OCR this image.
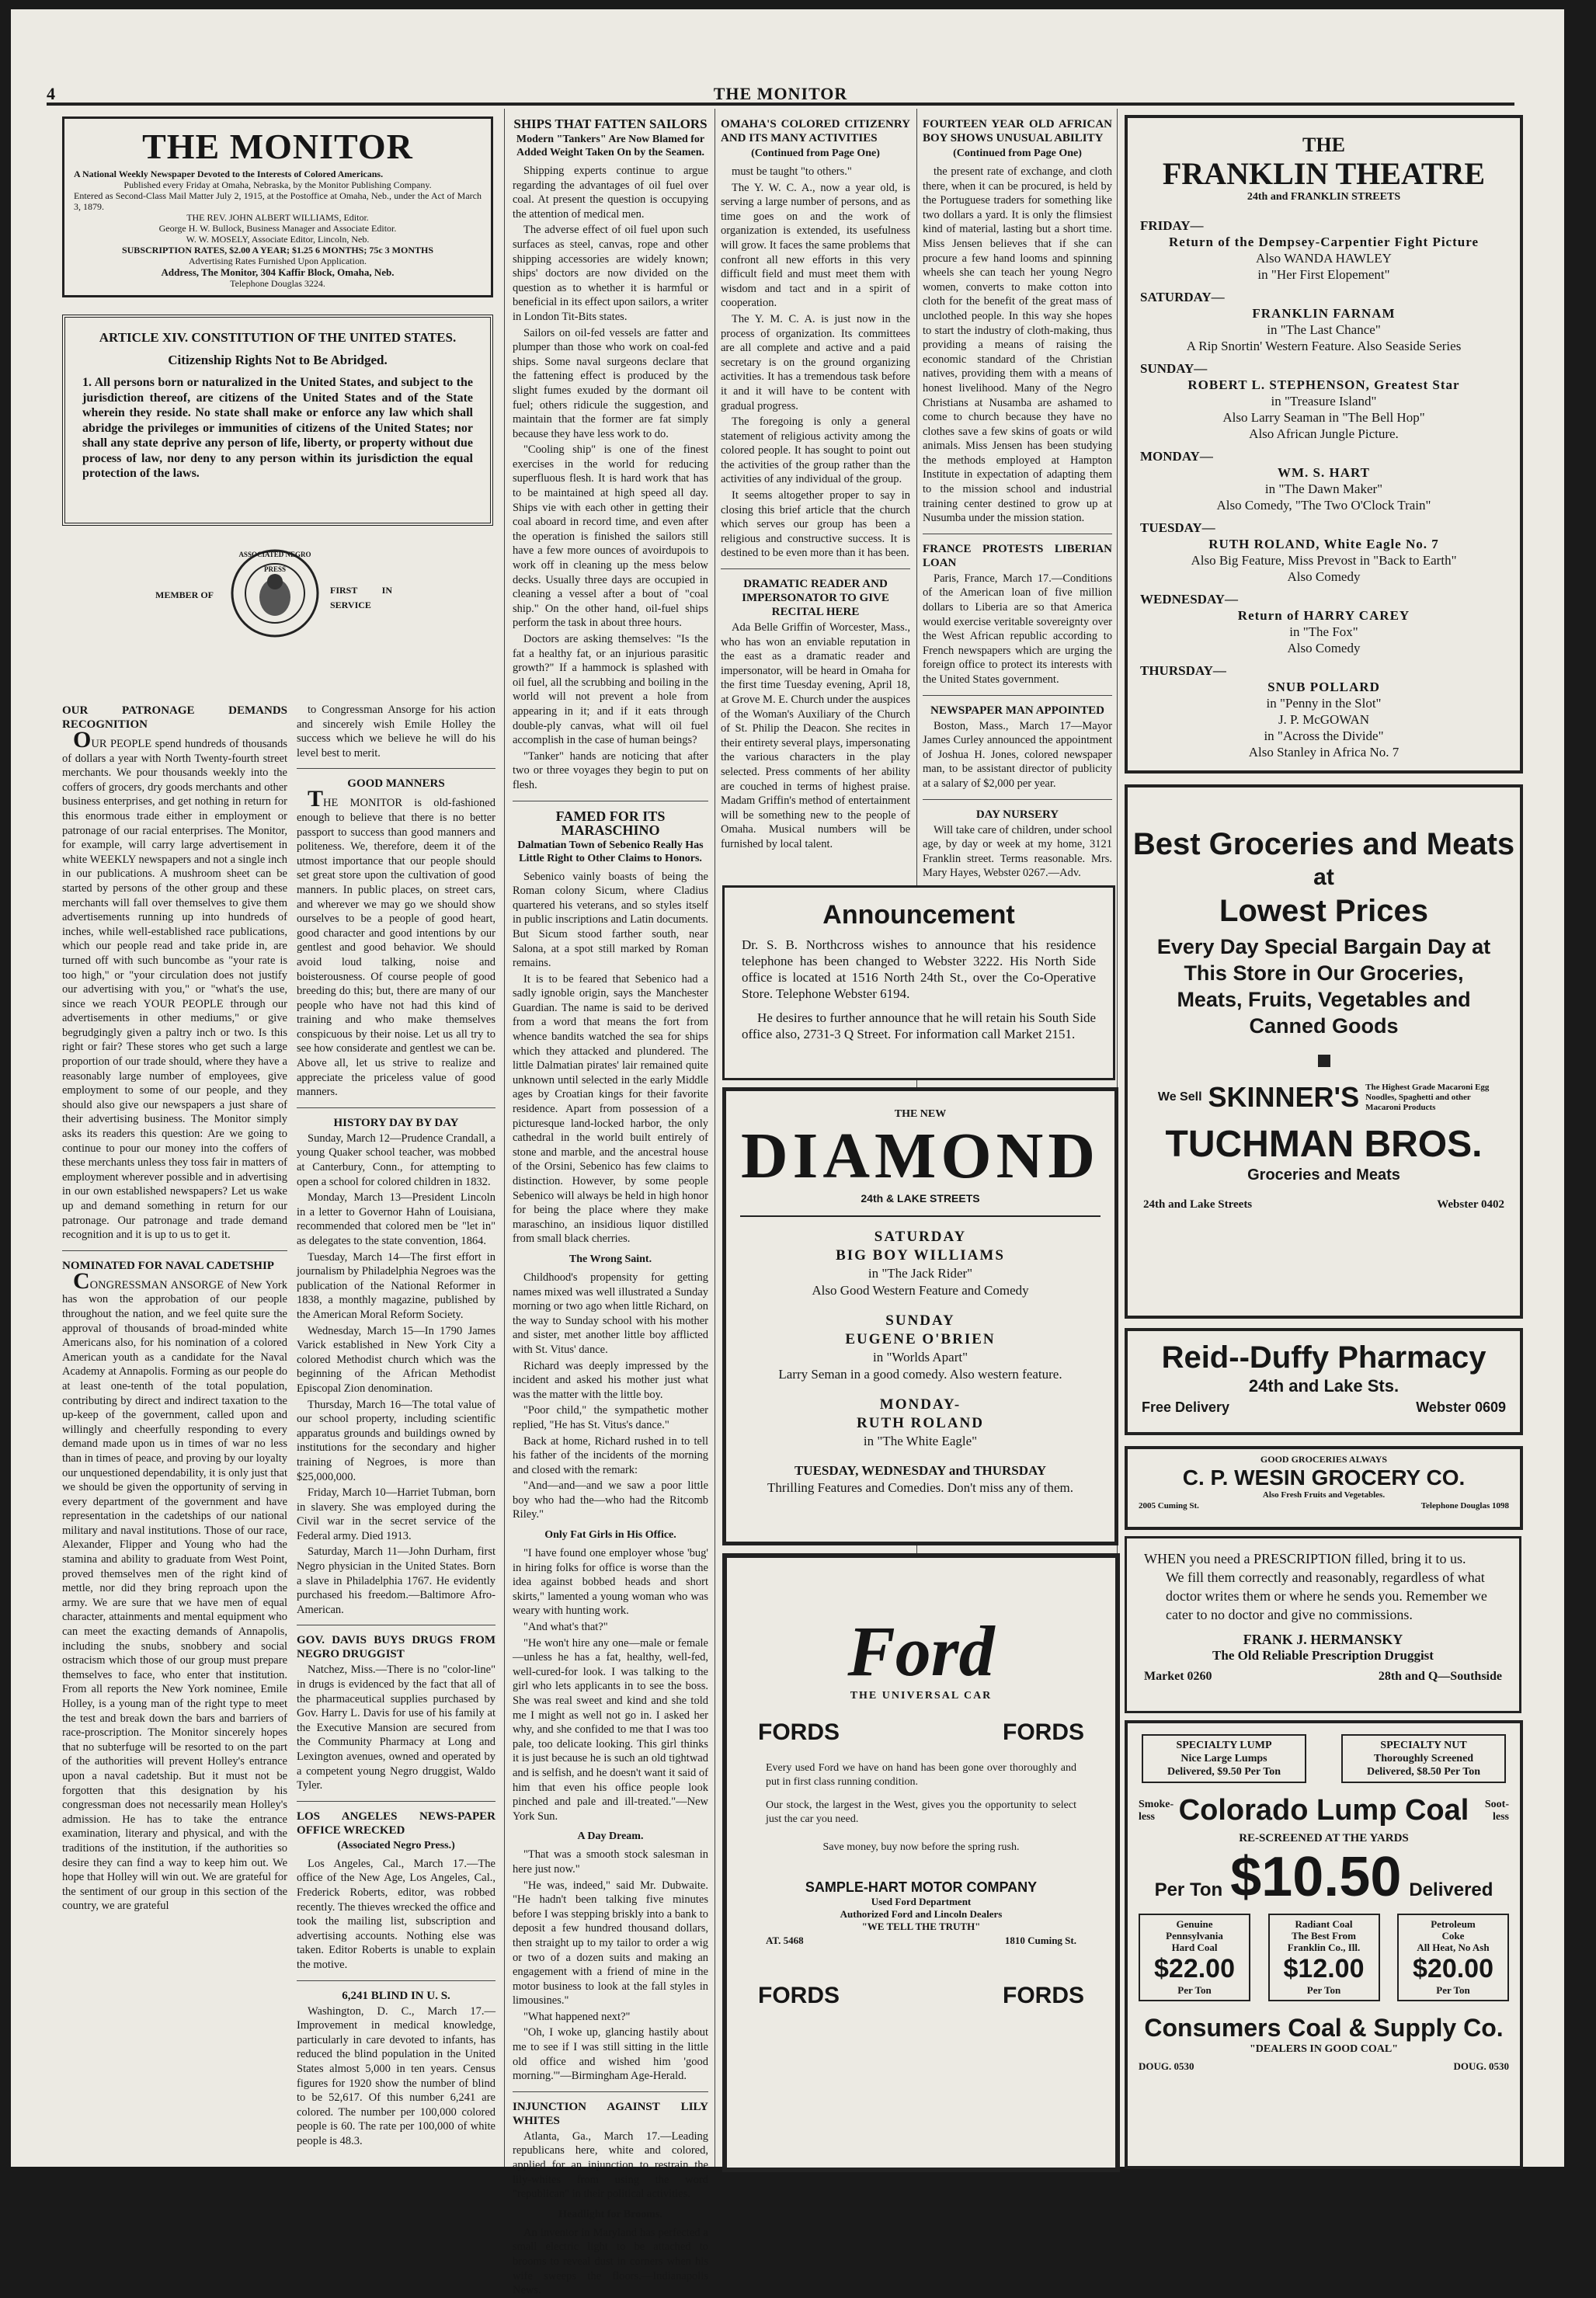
4	THE MONITOR
THE MONITOR
A National Weekly Newspaper Devoted to the Interests of Colored Americans.
Published every Friday at Omaha, Nebraska, by the Monitor Publishing Company.
Entered as Second-Class Mail Matter July 2, 1915, at the Postoffice at Omaha, Neb., under the Act of March 3, 1879.
THE REV. JOHN ALBERT WILLIAMS, Editor.
George H. W. Bullock, Business Manager and Associate Editor.
W. W. MOSELY, Associate Editor, Lincoln, Neb.
SUBSCRIPTION RATES, $2.00 A YEAR; $1.25 6 MONTHS; 75c 3 MONTHS
Advertising Rates Furnished Upon Application.
Address, The Monitor, 304 Kaffir Block, Omaha, Neb.
Telephone Douglas 3224.
ARTICLE XIV. CONSTITUTION OF THE UNITED STATES.
Citizenship Rights Not to Be Abridged.
1. All persons born or naturalized in the United States, and subject to the jurisdiction thereof, are citizens of the United States and of the State wherein they reside. No state shall make or enforce any law which shall abridge the privileges or immunities of citizens of the United States; nor shall any state deprive any person of life, liberty, or property without due process of law, nor deny to any person within its jurisdiction the equal protection of the laws.
MEMBER OF
ASSOCIATED NEGRO PRESS
FIRST IN SERVICE
OUR PATRONAGE DEMANDS RECOGNITION

OUR PEOPLE spend hundreds of thousands of dollars a year with North Twenty-fourth street merchants. We pour thousands weekly into the coffers of grocers, dry goods merchants and other business enterprises, and get nothing in return for this enormous trade either in employment or patronage of our racial enterprises. The Monitor, for example, will carry large advertisement in white WEEKLY newspapers and not a single inch in our publications. A mushroom sheet can be started by persons of the other group and these merchants will fall over themselves to give them advertisements running up into hundreds of inches, while well-established race publications, which our people read and take pride in, are turned off with such buncombe as "your rate is too high," or "your circulation does not justify our advertising with you," or "what's the use, since we reach YOUR PEOPLE through our advertisements in other mediums," or give begrudgingly given a paltry inch or two. Is this right or fair? These stores who get such a large proportion of our trade should, where they have a reasonably large number of employees, give employment to some of our people, and they should also give our newspapers a just share of their advertising business. The Monitor simply asks its readers this question: Are we going to continue to pour our money into the coffers of these merchants unless they toss fair in matters of employment wherever possible and in advertising in our own established newspapers? Let us wake up and demand something in return for our patronage. Our patronage and trade demand recognition and it is up to us to get it.

NOMINATED FOR NAVAL CADETSHIP

CONGRESSMAN ANSORGE of New York has won the approbation of our people throughout the nation, and we feel quite sure the approval of thousands of broad-minded white Americans also, for his nomination of a colored American youth as a candidate for the Naval Academy at Annapolis. Forming as our people do at least one-tenth of the total population, contributing by direct and indirect taxation to the up-keep of the government, called upon and willingly and cheerfully responding to every demand made upon us in times of war no less than in times of peace, and proving by our loyalty our unquestioned dependability, it is only just that we should be given the opportunity of serving in every department of the government and have representation in the cadetships of our national military and naval institutions. Those of our race, Alexander, Flipper and Young who had the stamina and ability to graduate from West Point, proved themselves men of the right kind of mettle, nor did they bring reproach upon the army. We are sure that we have men of equal character, attainments and mental equipment who can meet the exacting demands of Annapolis, including the snubs, snobbery and social ostracism which those of our group must prepare themselves to face, who enter that institution. From all reports the New York nominee, Emile Holley, is a young man of the right type to meet the test and break down the bars and barriers of race-proscription. The Monitor sincerely hopes that no subterfuge will be resorted to on the part of the authorities will prevent Holley's entrance upon a naval cadetship. But it must not be forgotten that this designation by his congressman does not necessarily mean Holley's admission. He has to take the entrance examination, literary and physical, and with the traditions of the institution, if the authorities so desire they can find a way to keep him out. We hope that Holley will win out. We are grateful for the sentiment of our group in this section of the country, we are grateful

to Congressman Ansorge for his action and sincerely wish Emile Holley the success which we believe he will do his level best to merit.

GOOD MANNERS

THE MONITOR is old-fashioned enough to believe that there is no better passport to success than good manners and politeness. We, therefore, deem it of the utmost importance that our people should set great store upon the cultivation of good manners. In public places, on street cars, and wherever we may go we should show ourselves to be a people of good heart, good character and good intentions by our gentlest and good behavior. We should avoid loud talking, noise and boisterousness. Of course people of good breeding do this; but, there are many of our people who have not had this kind of training and who make themselves conspicuous by their noise. Let us all try to see how considerate and gentlest we can be. Above all, let us strive to realize and appreciate the priceless value of good manners.

HISTORY DAY BY DAY

Sunday, March 12—Prudence Crandall, a young Quaker school teacher, was mobbed at Canterbury, Conn., for attempting to open a school for colored children in 1832.

Monday, March 13—President Lincoln in a letter to Governor Hahn of Louisiana, recommended that colored men be "let in" as delegates to the state convention, 1864.

Tuesday, March 14—The first effort in journalism by Philadelphia Negroes was the publication of the National Reformer in 1838, a monthly magazine, published by the American Moral Reform Society.

Wednesday, March 15—In 1790 James Varick established in New York City a colored Methodist church which was the beginning of the African Methodist Episcopal Zion denomination.

Thursday, March 16—The total value of our school property, including scientific apparatus grounds and buildings owned by institutions for the secondary and higher training of Negroes, is more than $25,000,000.

Friday, March 10—Harriet Tubman, born in slavery. She was employed during the Civil war in the secret service of the Federal army. Died 1913.

Saturday, March 11—John Durham, first Negro physician in the United States. Born a slave in Philadelphia 1767. He evidently purchased his freedom.—Baltimore Afro-American.

GOV. DAVIS BUYS DRUGS FROM NEGRO DRUGGIST

Natchez, Miss.—There is no "color-line" in drugs is evidenced by the fact that all of the pharmaceutical supplies purchased by Gov. Harry L. Davis for use of his family at the Executive Mansion are secured from the Community Pharmacy at Long and Lexington avenues, owned and operated by a competent young Negro druggist, Waldo Tyler.

LOS ANGELES NEWS-PAPER OFFICE WRECKED
(Associated Negro Press.)

Los Angeles, Cal., March 17.—The office of the New Age, Los Angeles, Cal., Frederick Roberts, editor, was robbed recently. The thieves wrecked the office and took the mailing list, subscription and advertising accounts. Nothing else was taken. Editor Roberts is unable to explain the motive.

6,241 BLIND IN U. S.

Washington, D. C., March 17.—Improvement in medical knowledge, particularly in care devoted to infants, has reduced the blind population in the United States almost 5,000 in ten years. Census figures for 1920 show the number of blind to be 52,617. Of this number 6,241 are colored. The number per 100,000 colored people is 60. The rate per 100,000 of white people is 48.3.

SHIPS THAT FATTEN SAILORS
Modern "Tankers" Are Now Blamed for Added Weight Taken On by the Seamen.

Shipping experts continue to argue regarding the advantages of oil fuel over coal. At present the question is occupying the attention of medical men.

The adverse effect of oil fuel upon such surfaces as steel, canvas, rope and other shipping accessories are widely known; ships' doctors are now divided on the question as to whether it is harmful or beneficial in its effect upon sailors, a writer in London Tit-Bits states.

Sailors on oil-fed vessels are fatter and plumper than those who work on coal-fed ships. Some naval surgeons declare that the fattening effect is produced by the slight fumes exuded by the dormant oil fuel; others ridicule the suggestion, and maintain that the former are fat simply because they have less work to do.

"Cooling ship" is one of the finest exercises in the world for reducing superfluous flesh. It is hard work that has to be maintained at high speed all day. Ships vie with each other in getting their coal aboard in record time, and even after the operation is finished the sailors still have a few more ounces of avoirdupois to work off in cleaning up the mess below decks. Usually three days are occupied in cleaning a vessel after a bout of "coal ship." On the other hand, oil-fuel ships perform the task in about three hours.

Doctors are asking themselves: "Is the fat a healthy fat, or an injurious parasitic growth?" If a hammock is splashed with oil fuel, all the scrubbing and boiling in the world will not prevent a hole from appearing in it; and if it eats through double-ply canvas, what will oil fuel accomplish in the case of human beings?

"Tanker" hands are noticing that after two or three voyages they begin to put on flesh.

FAMED FOR ITS MARASCHINO
Dalmatian Town of Sebenico Really Has Little Right to Other Claims to Honors.

Sebenico vainly boasts of being the Roman colony Sicum, where Cladius quartered his veterans, and so styles itself in public inscriptions and Latin documents. But Sicum stood farther south, near Salona, at a spot still marked by Roman remains.

It is to be feared that Sebenico had a sadly ignoble origin, says the Manchester Guardian. The name is said to be derived from a word that means the fort from whence bandits watched the sea for ships which they attacked and plundered. The little Dalmatian pirates' lair remained quite unknown until selected in the early Middle ages by Croatian kings for their favorite residence. Apart from possession of a picturesque land-locked harbor, the only cathedral in the world built entirely of stone and marble, and the ancestral house of the Orsini, Sebenico has few claims to distinction. However, by some people Sebenico will always be held in high honor for being the place where they make maraschino, an insidious liquor distilled from small black cherries.

The Wrong Saint.

Childhood's propensity for getting names mixed was well illustrated a Sunday morning or two ago when little Richard, on the way to Sunday school with his mother and sister, met another little boy afflicted with St. Vitus' dance.

Richard was deeply impressed by the incident and asked his mother just what was the matter with the little boy.

"Poor child," the sympathetic mother replied, "He has St. Vitus's dance."

Back at home, Richard rushed in to tell his father of the incidents of the morning and closed with the remark:

"And—and—and we saw a poor little boy who had the—who had the Ritcomb Riley."

Only Fat Girls in His Office.

"I have found one employer whose 'bug' in hiring folks for office is worse than the idea against bobbed heads and short skirts," lamented a young woman who was weary with hunting work.

"And what's that?"

"He won't hire any one—male or female—unless he has a fat, healthy, well-fed, well-cured-for look. I was talking to the girl who lets applicants in to see the boss. She was real sweet and kind and she told me I might as well not go in. I asked her why, and she confided to me that I was too pale, too delicate looking. This girl thinks it is just because he is such an old tightwad and is selfish, and he doesn't want it said of him that even his office people look pinched and pale and ill-treated."—New York Sun.

A Day Dream.

"That was a smooth stock salesman in here just now."

"He was, indeed," said Mr. Dubwaite. "He hadn't been talking five minutes before I was stepping briskly into a bank to deposit a few hundred thousand dollars, then straight up to my tailor to order a wig or two of a dozen suits and making an engagement with a friend of mine in the motor business to look at the fall styles in limousines."

"What happened next?"

"Oh, I woke up, glancing hastily about me to see if I was still sitting in the little old office and wished him 'good morning.'"—Birmingham Age-Herald.

INJUNCTION AGAINST LILY WHITES

Atlanta, Ga., March 17.—Leading republicans here, white and colored, applied for an injunction to restrain the lily-whites from using the word "republican" in their political activities.

Headlight for Brooms.

An inventor in Maryland has perfected a small electric light to be attached to brooms to reveal dust in corners when his wife sweeps the floors.—Indianapolis News.

OMAHA'S COLORED CITIZENRY AND ITS MANY ACTIVITIES
(Continued from Page One)

must be taught "to others."

The Y. W. C. A., now a year old, is serving a large number of persons, and as time goes on and the work of organization is extended, its usefulness will grow. It faces the same problems that confront all new efforts in this very difficult field and must meet them with wisdom and tact and in a spirit of cooperation.

The Y. M. C. A. is just now in the process of organization. Its committees are all complete and active and a paid secretary is on the ground organizing activities. It has a tremendous task before it and it will have to be content with gradual progress.

The foregoing is only a general statement of religious activity among the colored people. It has sought to point out the activities of the group rather than the activities of any individual of the group.

It seems altogether proper to say in closing this brief article that the church which serves our group has been a religious and constructive success. It is destined to be even more than it has been.

DRAMATIC READER AND IMPERSONATOR TO GIVE RECITAL HERE

Ada Belle Griffin of Worcester, Mass., who has won an enviable reputation in the east as a dramatic reader and impersonator, will be heard in Omaha for the first time Tuesday evening, April 18, at Grove M. E. Church under the auspices of the Woman's Auxiliary of the Church of St. Philip the Deacon. She recites in their entirety several plays, impersonating the various characters in the play selected. Press comments of her ability are couched in terms of highest praise. Madam Griffin's method of entertainment will be something new to the people of Omaha. Musical numbers will be furnished by local talent.

FOURTEEN YEAR OLD AFRICAN BOY SHOWS UNUSUAL ABILITY
(Continued from Page One)

the present rate of exchange, and cloth there, when it can be procured, is held by the Portuguese traders for something like two dollars a yard. It is only the flimsiest kind of material, lasting but a short time. Miss Jensen believes that if she can procure a few hand looms and spinning wheels she can teach her young Negro women, converts to make cotton into cloth for the benefit of the great mass of unclothed people. In this way she hopes to start the industry of cloth-making, thus providing a means of raising the economic standard of the Christian natives, providing them with a means of honest livelihood. Many of the Negro Christians at Nusamba are ashamed to come to church because they have no clothes save a few skins of goats or wild animals. Miss Jensen has been studying the methods employed at Hampton Institute in expectation of adapting them to the mission school and industrial training center destined to grow up at Nusumba under the mission station.

FRANCE PROTESTS LIBERIAN LOAN

Paris, France, March 17.—Conditions of the American loan of five million dollars to Liberia are so that America would exercise veritable sovereignty over the West African republic according to French newspapers which are urging the foreign office to protect its interests with the United States government.

NEWSPAPER MAN APPOINTED

Boston, Mass., March 17—Mayor James Curley announced the appointment of Joshua H. Jones, colored newspaper man, to be assistant director of publicity at a salary of $2,000 per year.

DAY NURSERY

Will take care of children, under school age, by day or week at my home, 3121 Franklin street. Terms reasonable. Mrs. Mary Hayes, Webster 0267.—Adv.

Announcement
Dr. S. B. Northcross wishes to announce that his residence telephone has been changed to Webster 3222. His North Side office is located at 1516 North 24th St., over the Co-Operative Store. Telephone Webster 6194.
He desires to further announce that he will retain his South Side office also, 2731-3 Q Street. For information call Market 2151.
THE NEW
DIAMOND
24th & LAKE STREETS
SATURDAY
BIG BOY WILLIAMS
in "The Jack Rider"
Also Good Western Feature and Comedy
SUNDAY
EUGENE O'BRIEN
in "Worlds Apart"
Larry Seman in a good comedy. Also western feature.
MONDAY-
RUTH ROLAND
in "The White Eagle"
TUESDAY, WEDNESDAY and THURSDAY
Thrilling Features and Comedies. Don't miss any of them.
Ford
THE UNIVERSAL CAR
FORDS	FORDS
Every used Ford we have on hand has been gone over thoroughly and put in first class running condition.
Our stock, the largest in the West, gives you the opportunity to select just the car you need.
Save money, buy now before the spring rush.
SAMPLE-HART MOTOR COMPANY
Used Ford Department
Authorized Ford and Lincoln Dealers
"WE TELL THE TRUTH"
AT. 5468	1810 Cuming St.
FORDS	FORDS
THE
FRANKLIN THEATRE
24th and FRANKLIN STREETS
FRIDAY—
Return of the Dempsey-Carpentier Fight Picture
Also WANDA HAWLEY
in "Her First Elopement"
SATURDAY—
FRANKLIN FARNAM
in "The Last Chance"
A Rip Snortin' Western Feature. Also Seaside Series
SUNDAY—
ROBERT L. STEPHENSON, Greatest Star
in "Treasure Island"
Also Larry Seaman in "The Bell Hop"
Also African Jungle Picture.
MONDAY—
WM. S. HART
in "The Dawn Maker"
Also Comedy, "The Two O'Clock Train"
TUESDAY—
RUTH ROLAND, White Eagle No. 7
Also Big Feature, Miss Prevost in "Back to Earth"
Also Comedy
WEDNESDAY—
Return of HARRY CAREY
in "The Fox"
Also Comedy
THURSDAY—
SNUB POLLARD
in "Penny in the Slot"
J. P. McGOWAN
in "Across the Divide"
Also Stanley in Africa No. 7
Best Groceries and Meats
at
Lowest Prices
Every Day Special Bargain Day at This Store in Our Groceries, Meats, Fruits, Vegetables and Canned Goods
We Sell SKINNER'S The Highest Grade Macaroni Egg Noodles, Spaghetti and other Macaroni Products
TUCHMAN BROS.
Groceries and Meats
24th and Lake Streets	Webster 0402
Reid--Duffy Pharmacy
24th and Lake Sts.
Free Delivery	Webster 0609
GOOD GROCERIES ALWAYS
C. P. WESIN GROCERY CO.
Also Fresh Fruits and Vegetables.
2005 Cuming St.	Telephone Douglas 1098
WHEN you need a PRESCRIPTION filled, bring it to us.
We fill them correctly and reasonably, regardless of what doctor writes them or where he sends you. Remember we cater to no doctor and give no commissions.
FRANK J. HERMANSKY
The Old Reliable Prescription Druggist
Market 0260	28th and Q—Southside
SPECIALTY LUMP
Nice Large Lumps
Delivered, $9.50 Per Ton
SPECIALTY NUT
Thoroughly Screened
Delivered, $8.50 Per Ton
Smoke-less Colorado Lump Coal	Soot-less
RE-SCREENED AT THE YARDS
Per Ton $10.50 Delivered
Genuine
Pennsylvania
Hard Coal
$22.00
Per Ton
Radiant Coal
The Best From
Franklin Co., Ill.
$12.00
Per Ton
Petroleum
Coke
All Heat, No Ash
$20.00
Per Ton
Consumers Coal & Supply Co.
"DEALERS IN GOOD COAL"
DOUG. 0530	DOUG. 0530
